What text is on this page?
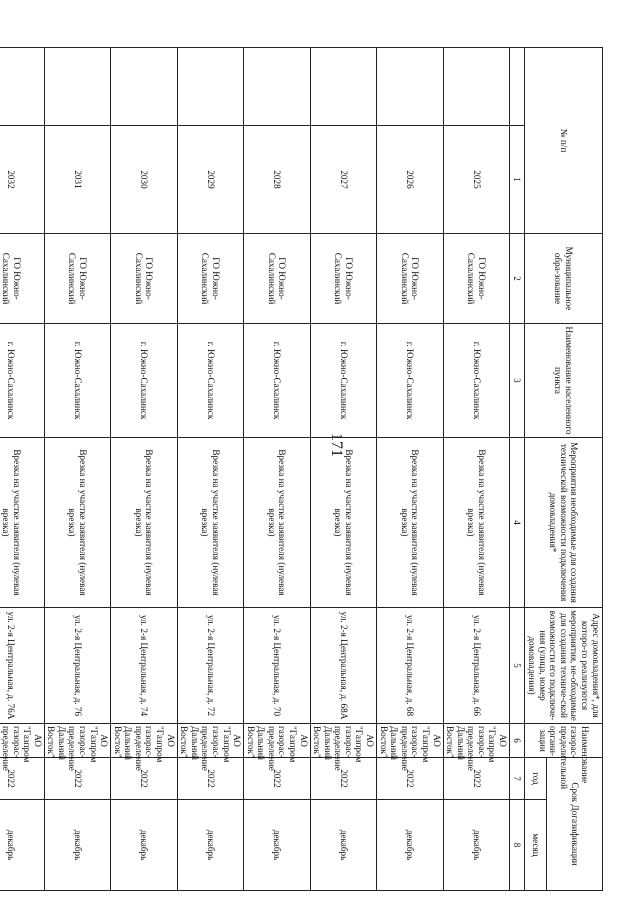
171
№ п/п		Муниципальное обра-зование	Наименование населенного пункта	Мероприятия необходимые для создания технической возможности подключения домовладения*	Адрес домовладения*, для которо-го реализуются мероприятия, не-обходимые для создания техниче-ской возможности его подключе-ния (улица, номер домовладения)	Наименование газорас-пределительной органи-зации	Срок Догазификации	
							год	месяц
	1	2	3	4	5	6	7	8
	2025	ГО Южно-Сахалинский	г. Южно-Сахалинск	Врезка на участке заявителя (нулевая врезка)	ул. 2-я Центральная, д. 66	АО "Газпром газорас-пределение Дальний Восток"	2022	декабрь
	2026	ГО Южно-Сахалинский	г. Южно-Сахалинск	Врезка на участке заявителя (нулевая врезка)	ул. 2-я Центральная, д. 68	АО "Газпром газорас-пределение Дальний Восток"	2022	декабрь
	2027	ГО Южно-Сахалинский	г. Южно-Сахалинск	Врезка на участке заявителя (нулевая врезка)	ул. 2-я Центральная, д. 68А	АО "Газпром газорас-пределение Дальний Восток"	2022	декабрь
	2028	ГО Южно-Сахалинский	г. Южно-Сахалинск	Врезка на участке заявителя (нулевая врезка)	ул. 2-я Центральная, д. 70	АО "Газпром газорас-пределение Дальний Восток"	2022	декабрь
	2029	ГО Южно-Сахалинский	г. Южно-Сахалинск	Врезка на участке заявителя (нулевая врезка)	ул. 2-я Центральная, д. 72	АО "Газпром газорас-пределение Дальний Восток"	2022	декабрь
	2030	ГО Южно-Сахалинский	г. Южно-Сахалинск	Врезка на участке заявителя (нулевая врезка)	ул. 2-я Центральная, д. 74	АО "Газпром газорас-пределение Дальний Восток"	2022	декабрь
	2031	ГО Южно-Сахалинский	г. Южно-Сахалинск	Врезка на участке заявителя (нулевая врезка)	ул. 2-я Центральная, д. 76	АО "Газпром газорас-пределение Дальний Восток"	2022	декабрь
	2032	ГО Южно-Сахалинский	г. Южно-Сахалинск	Врезка на участке заявителя (нулевая врезка)	ул. 2-я Центральная, д. 76А	АО "Газпром газорас-пределение	2022	декабрь
